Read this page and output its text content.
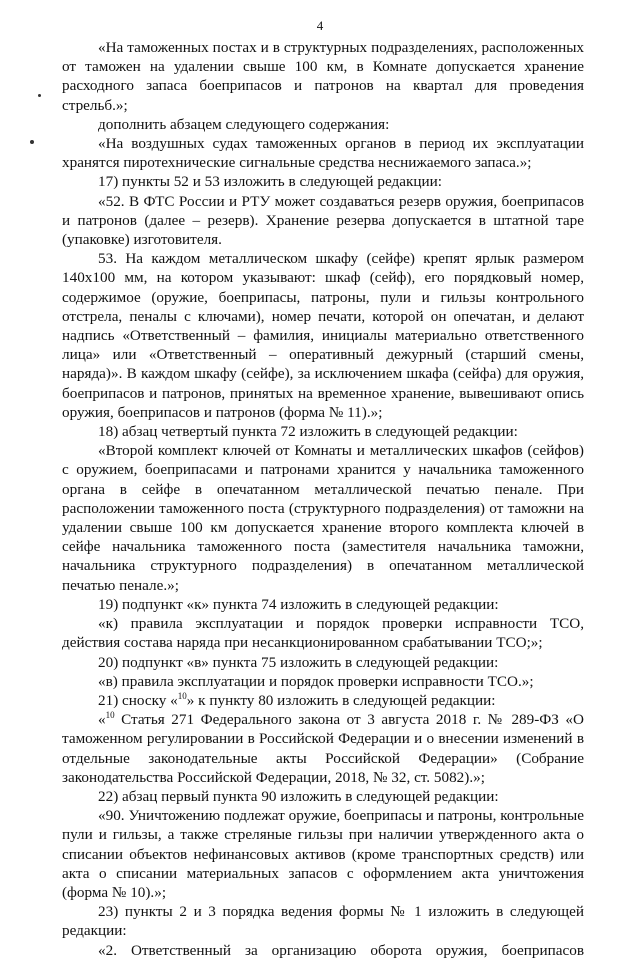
4

«На таможенных постах и в структурных подразделениях, расположенных от таможен на удалении свыше 100 км, в Комнате допускается хранение расходного запаса боеприпасов и патронов на квартал для проведения стрельб.»;

дополнить абзацем следующего содержания:

«На воздушных судах таможенных органов в период их эксплуатации хранятся пиротехнические сигнальные средства неснижаемого запаса.»;

17) пункты 52 и 53 изложить в следующей редакции:

«52. В ФТС России и РТУ может создаваться резерв оружия, боеприпасов и патронов (далее – резерв). Хранение резерва допускается в штатной таре (упаковке) изготовителя.

53. На каждом металлическом шкафу (сейфе) крепят ярлык размером 140х100 мм, на котором указывают: шкаф (сейф), его порядковый номер, содержимое (оружие, боеприпасы, патроны, пули и гильзы контрольного отстрела, пеналы с ключами), номер печати, которой он опечатан, и делают надпись «Ответственный – фамилия, инициалы материально ответственного лица» или «Ответственный – оперативный дежурный (старший смены, наряда)». В каждом шкафу (сейфе), за исключением шкафа (сейфа) для оружия, боеприпасов и патронов, принятых на временное хранение, вывешивают опись оружия, боеприпасов и патронов (форма № 11).»;

18) абзац четвертый пункта 72 изложить в следующей редакции:

«Второй комплект ключей от Комнаты и металлических шкафов (сейфов) с оружием, боеприпасами и патронами хранится у начальника таможенного органа в сейфе в опечатанном металлической печатью пенале. При расположении таможенного поста (структурного подразделения) от таможни на удалении свыше 100 км допускается хранение второго комплекта ключей в сейфе начальника таможенного поста (заместителя начальника таможни, начальника структурного подразделения) в опечатанном металлической печатью пенале.»;

19) подпункт «к» пункта 74 изложить в следующей редакции:

«к) правила эксплуатации и порядок проверки исправности ТСО, действия состава наряда при несанкционированном срабатывании ТСО;»;

20) подпункт «в» пункта 75 изложить в следующей редакции:

«в) правила эксплуатации и порядок проверки исправности ТСО.»;

21) сноску «$^{10}$» к пункту 80 изложить в следующей редакции:

«$^{10}$ Статья 271 Федерального закона от 3 августа 2018 г. № 289-ФЗ «О таможенном регулировании в Российской Федерации и о внесении изменений в отдельные законодательные акты Российской Федерации» (Собрание законодательства Российской Федерации, 2018, № 32, ст. 5082).»;

22) абзац первый пункта 90 изложить в следующей редакции:

«90. Уничтожению подлежат оружие, боеприпасы и патроны, контрольные пули и гильзы, а также стреляные гильзы при наличии утвержденного акта о списании объектов нефинансовых активов (кроме транспортных средств) или акта о списании материальных запасов с оформлением акта уничтожения (форма № 10).»;

23) пункты 2 и 3 порядка ведения формы № 1 изложить в следующей редакции:

«2. Ответственный за организацию оборота оружия, боеприпасов
